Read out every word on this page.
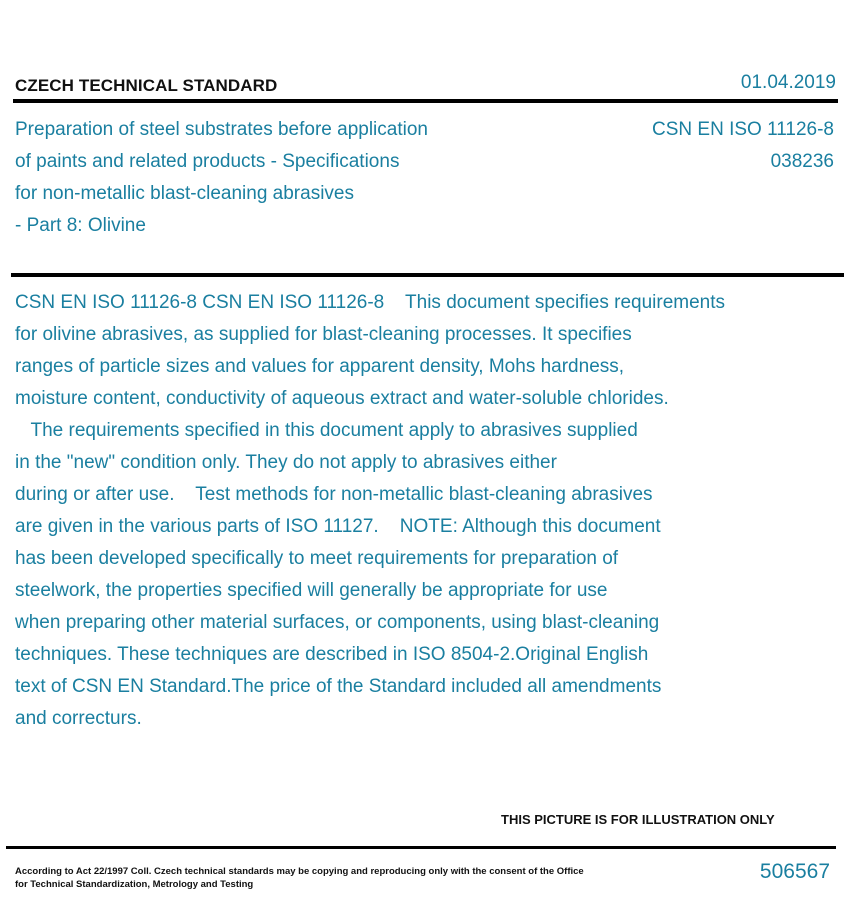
CZECH TECHNICAL STANDARD	01.04.2019
Preparation of steel substrates before application
of paints and related products - Specifications
for non-metallic blast-cleaning abrasives
- Part 8: Olivine
CSN EN ISO 11126-8
038236
CSN EN ISO 11126-8 CSN EN ISO 11126-8    This document specifies requirements
for olivine abrasives, as supplied for blast-cleaning processes. It specifies
ranges of particle sizes and values for apparent density, Mohs hardness,
moisture content, conductivity of aqueous extract and water-soluble chlorides.
The requirements specified in this document apply to abrasives supplied
in the "new" condition only. They do not apply to abrasives either
during or after use.    Test methods for non-metallic blast-cleaning abrasives
are given in the various parts of ISO 11127.    NOTE: Although this document
has been developed specifically to meet requirements for preparation of
steelwork, the properties specified will generally be appropriate for use
when preparing other material surfaces, or components, using blast-cleaning
techniques. These techniques are described in ISO 8504-2.Original English
text of CSN EN Standard.The price of the Standard included all amendments
and correcturs.
THIS PICTURE IS FOR ILLUSTRATION ONLY
According to Act 22/1997 Coll. Czech technical standards may be copying and reproducing only with the consent of the Office
for Technical Standardization, Metrology and Testing
506567
